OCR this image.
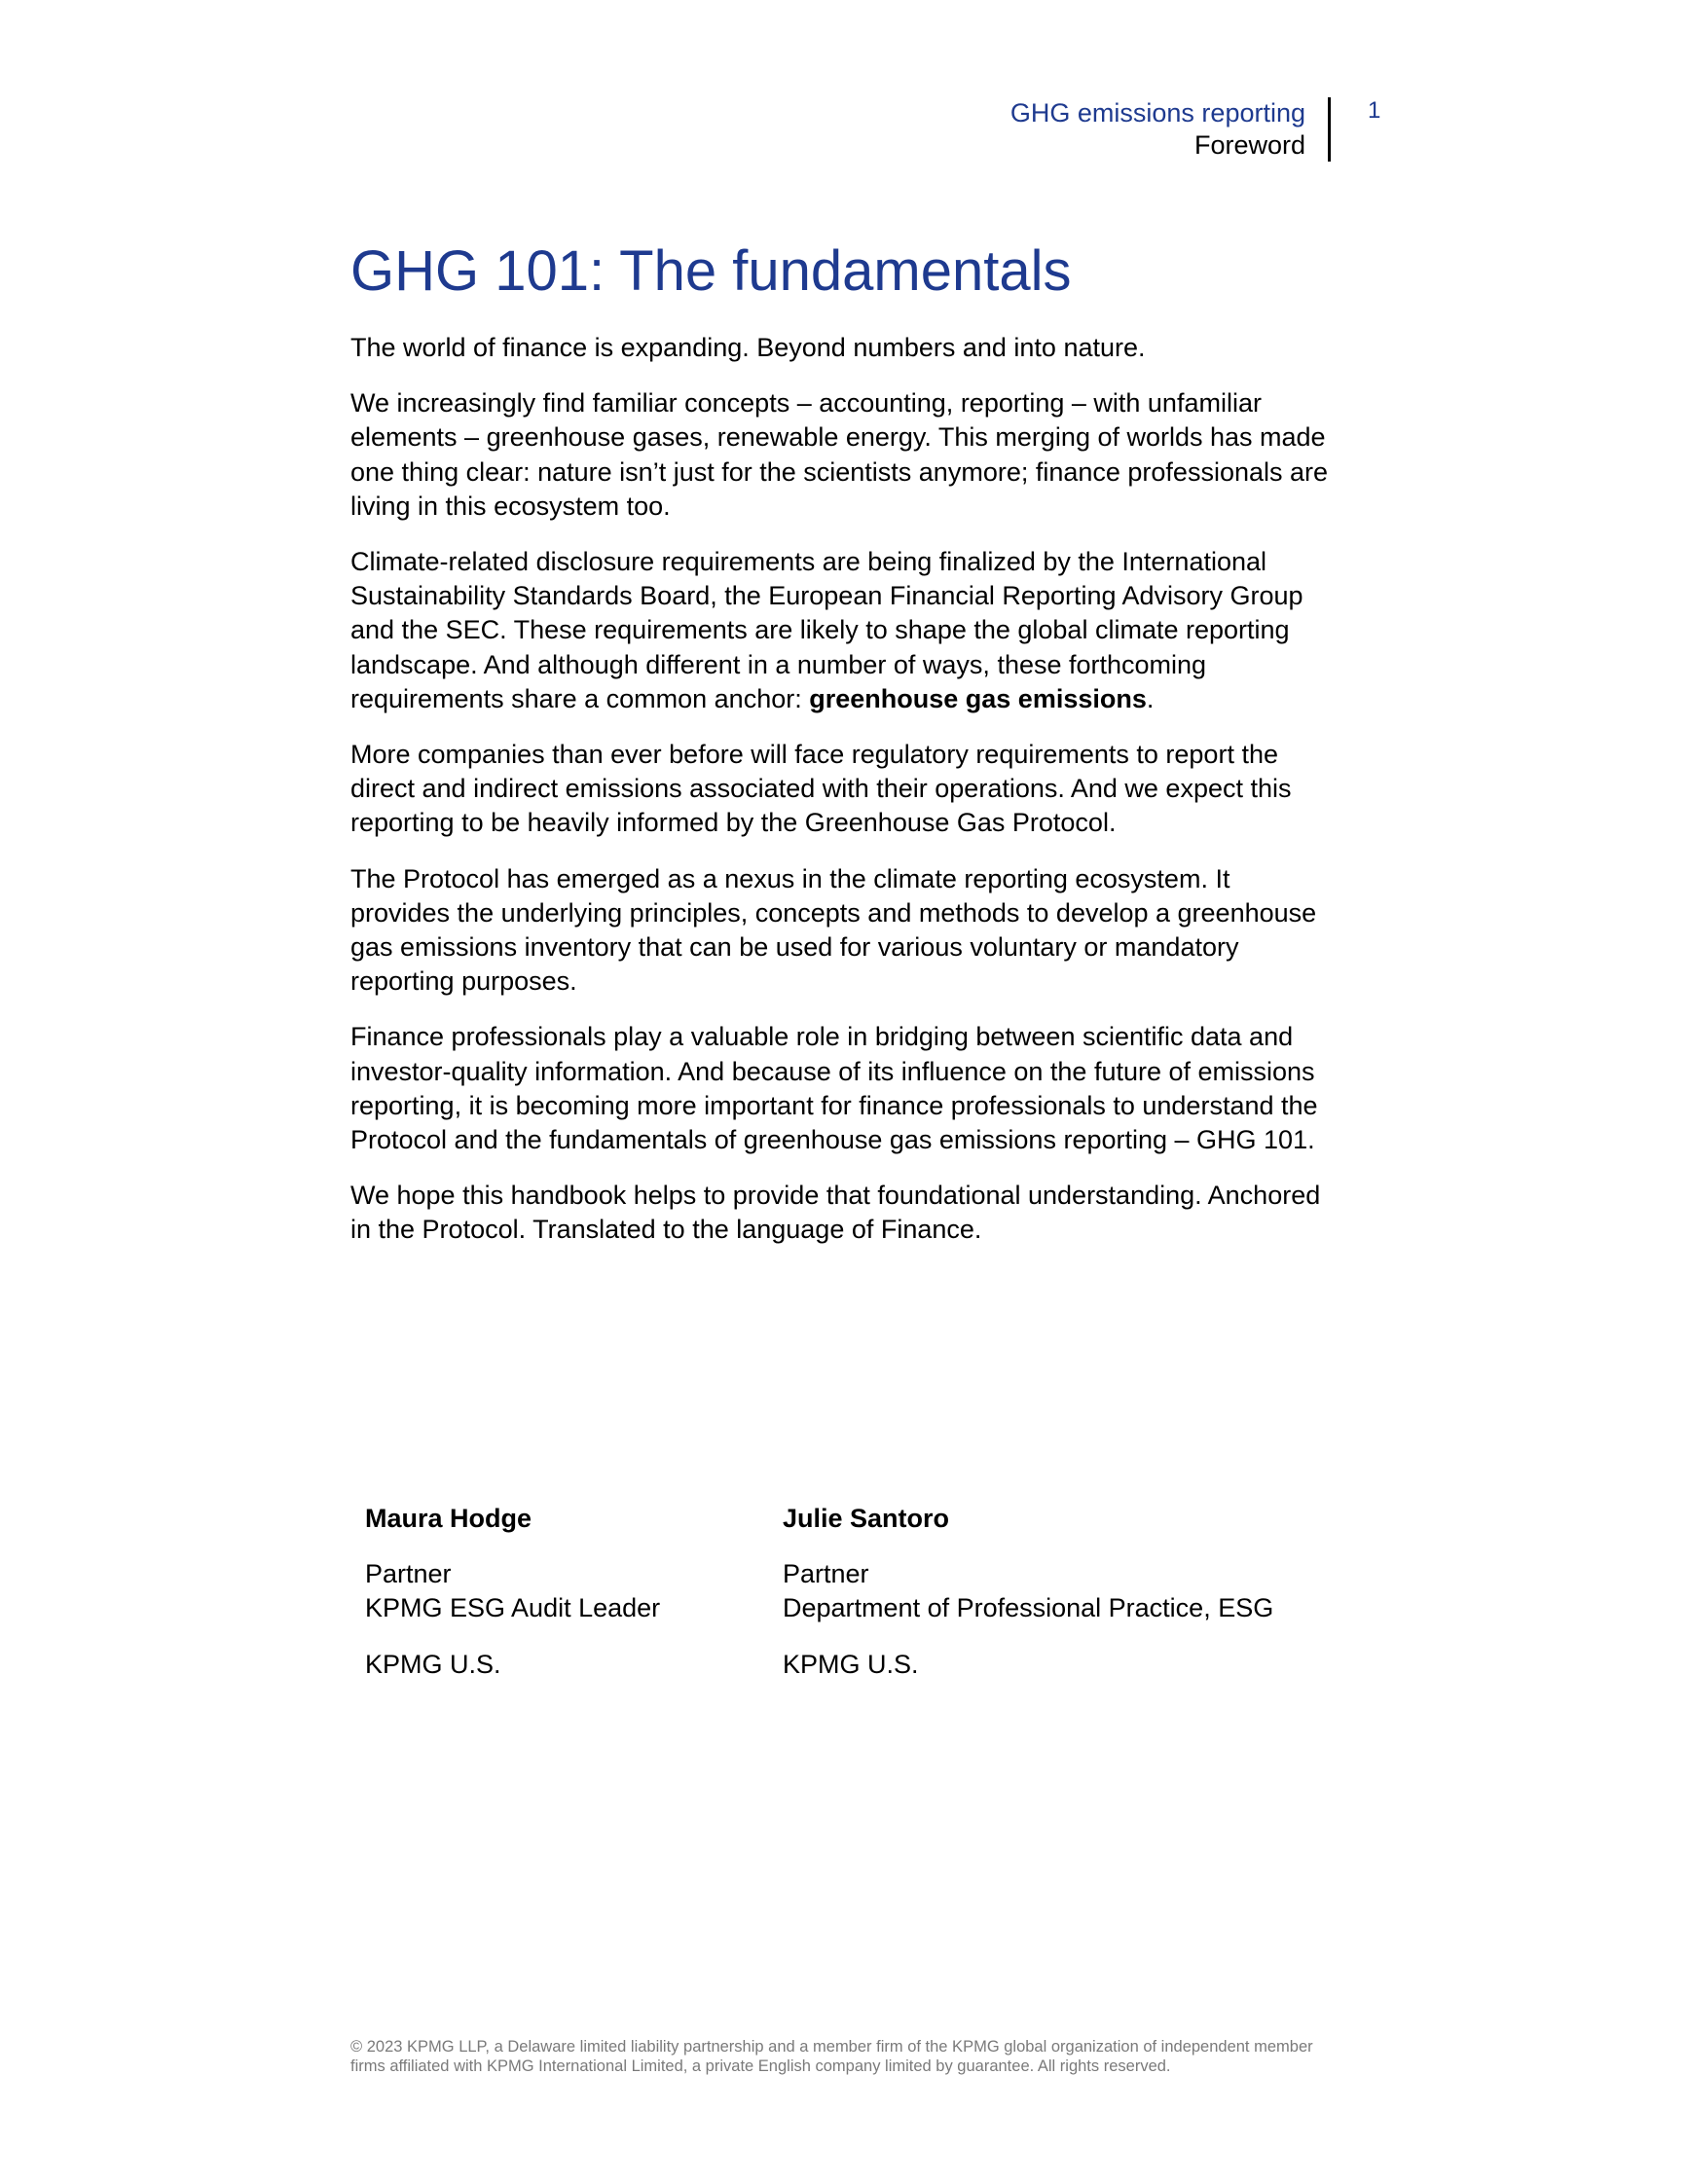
GHG emissions reporting
Foreword
1
GHG 101: The fundamentals

The world of finance is expanding. Beyond numbers and into nature.

We increasingly find familiar concepts – accounting, reporting – with unfamiliar elements – greenhouse gases, renewable energy. This merging of worlds has made one thing clear: nature isn’t just for the scientists anymore; finance professionals are living in this ecosystem too.

Climate-related disclosure requirements are being finalized by the International Sustainability Standards Board, the European Financial Reporting Advisory Group and the SEC. These requirements are likely to shape the global climate reporting landscape. And although different in a number of ways, these forthcoming requirements share a common anchor: greenhouse gas emissions.

More companies than ever before will face regulatory requirements to report the direct and indirect emissions associated with their operations. And we expect this reporting to be heavily informed by the Greenhouse Gas Protocol.

The Protocol has emerged as a nexus in the climate reporting ecosystem. It provides the underlying principles, concepts and methods to develop a greenhouse gas emissions inventory that can be used for various voluntary or mandatory reporting purposes.

Finance professionals play a valuable role in bridging between scientific data and investor-quality information. And because of its influence on the future of emissions reporting, it is becoming more important for finance professionals to understand the Protocol and the fundamentals of greenhouse gas emissions reporting – GHG 101.

We hope this handbook helps to provide that foundational understanding. Anchored in the Protocol. Translated to the language of Finance.

Maura Hodge
Partner
KPMG ESG Audit Leader
KPMG U.S.
Julie Santoro
Partner
Department of Professional Practice, ESG
KPMG U.S.
© 2023 KPMG LLP, a Delaware limited liability partnership and a member firm of the KPMG global organization of independent member firms affiliated with KPMG International Limited, a private English company limited by guarantee. All rights reserved.
